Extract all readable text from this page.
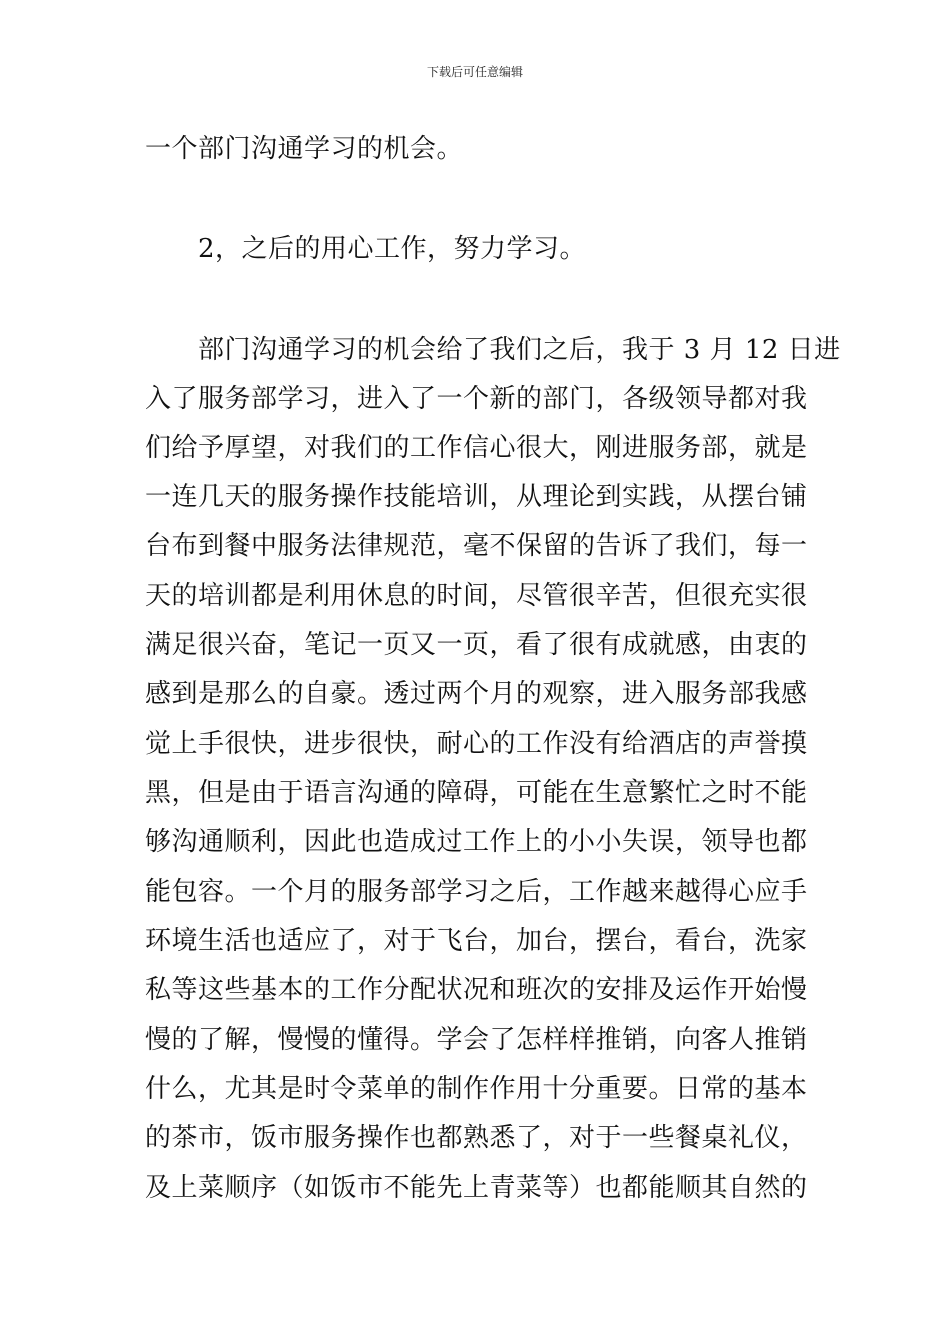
下载后可任意编辑
一个部门沟通学习的机会。
2，之后的用心工作，努力学习。
部门沟通学习的机会给了我们之后，我于 3 月 12 日进
入了服务部学习，进入了一个新的部门，各级领导都对我
们给予厚望，对我们的工作信心很大，刚进服务部，就是
一连几天的服务操作技能培训，从理论到实践，从摆台铺
台布到餐中服务法律规范，毫不保留的告诉了我们，每一
天的培训都是利用休息的时间，尽管很辛苦，但很充实很
满足很兴奋，笔记一页又一页，看了很有成就感，由衷的
感到是那么的自豪。透过两个月的观察，进入服务部我感
觉上手很快，进步很快，耐心的工作没有给酒店的声誉摸
黑，但是由于语言沟通的障碍，可能在生意繁忙之时不能
够沟通顺利，因此也造成过工作上的小小失误，领导也都
能包容。一个月的服务部学习之后，工作越来越得心应手
环境生活也适应了，对于飞台，加台，摆台，看台，洗家
私等这些基本的工作分配状况和班次的安排及运作开始慢
慢的了解，慢慢的懂得。学会了怎样样推销，向客人推销
什么，尤其是时令菜单的制作作用十分重要。日常的基本
的茶市，饭市服务操作也都熟悉了，对于一些餐桌礼仪，
及上菜顺序（如饭市不能先上青菜等）也都能顺其自然的
